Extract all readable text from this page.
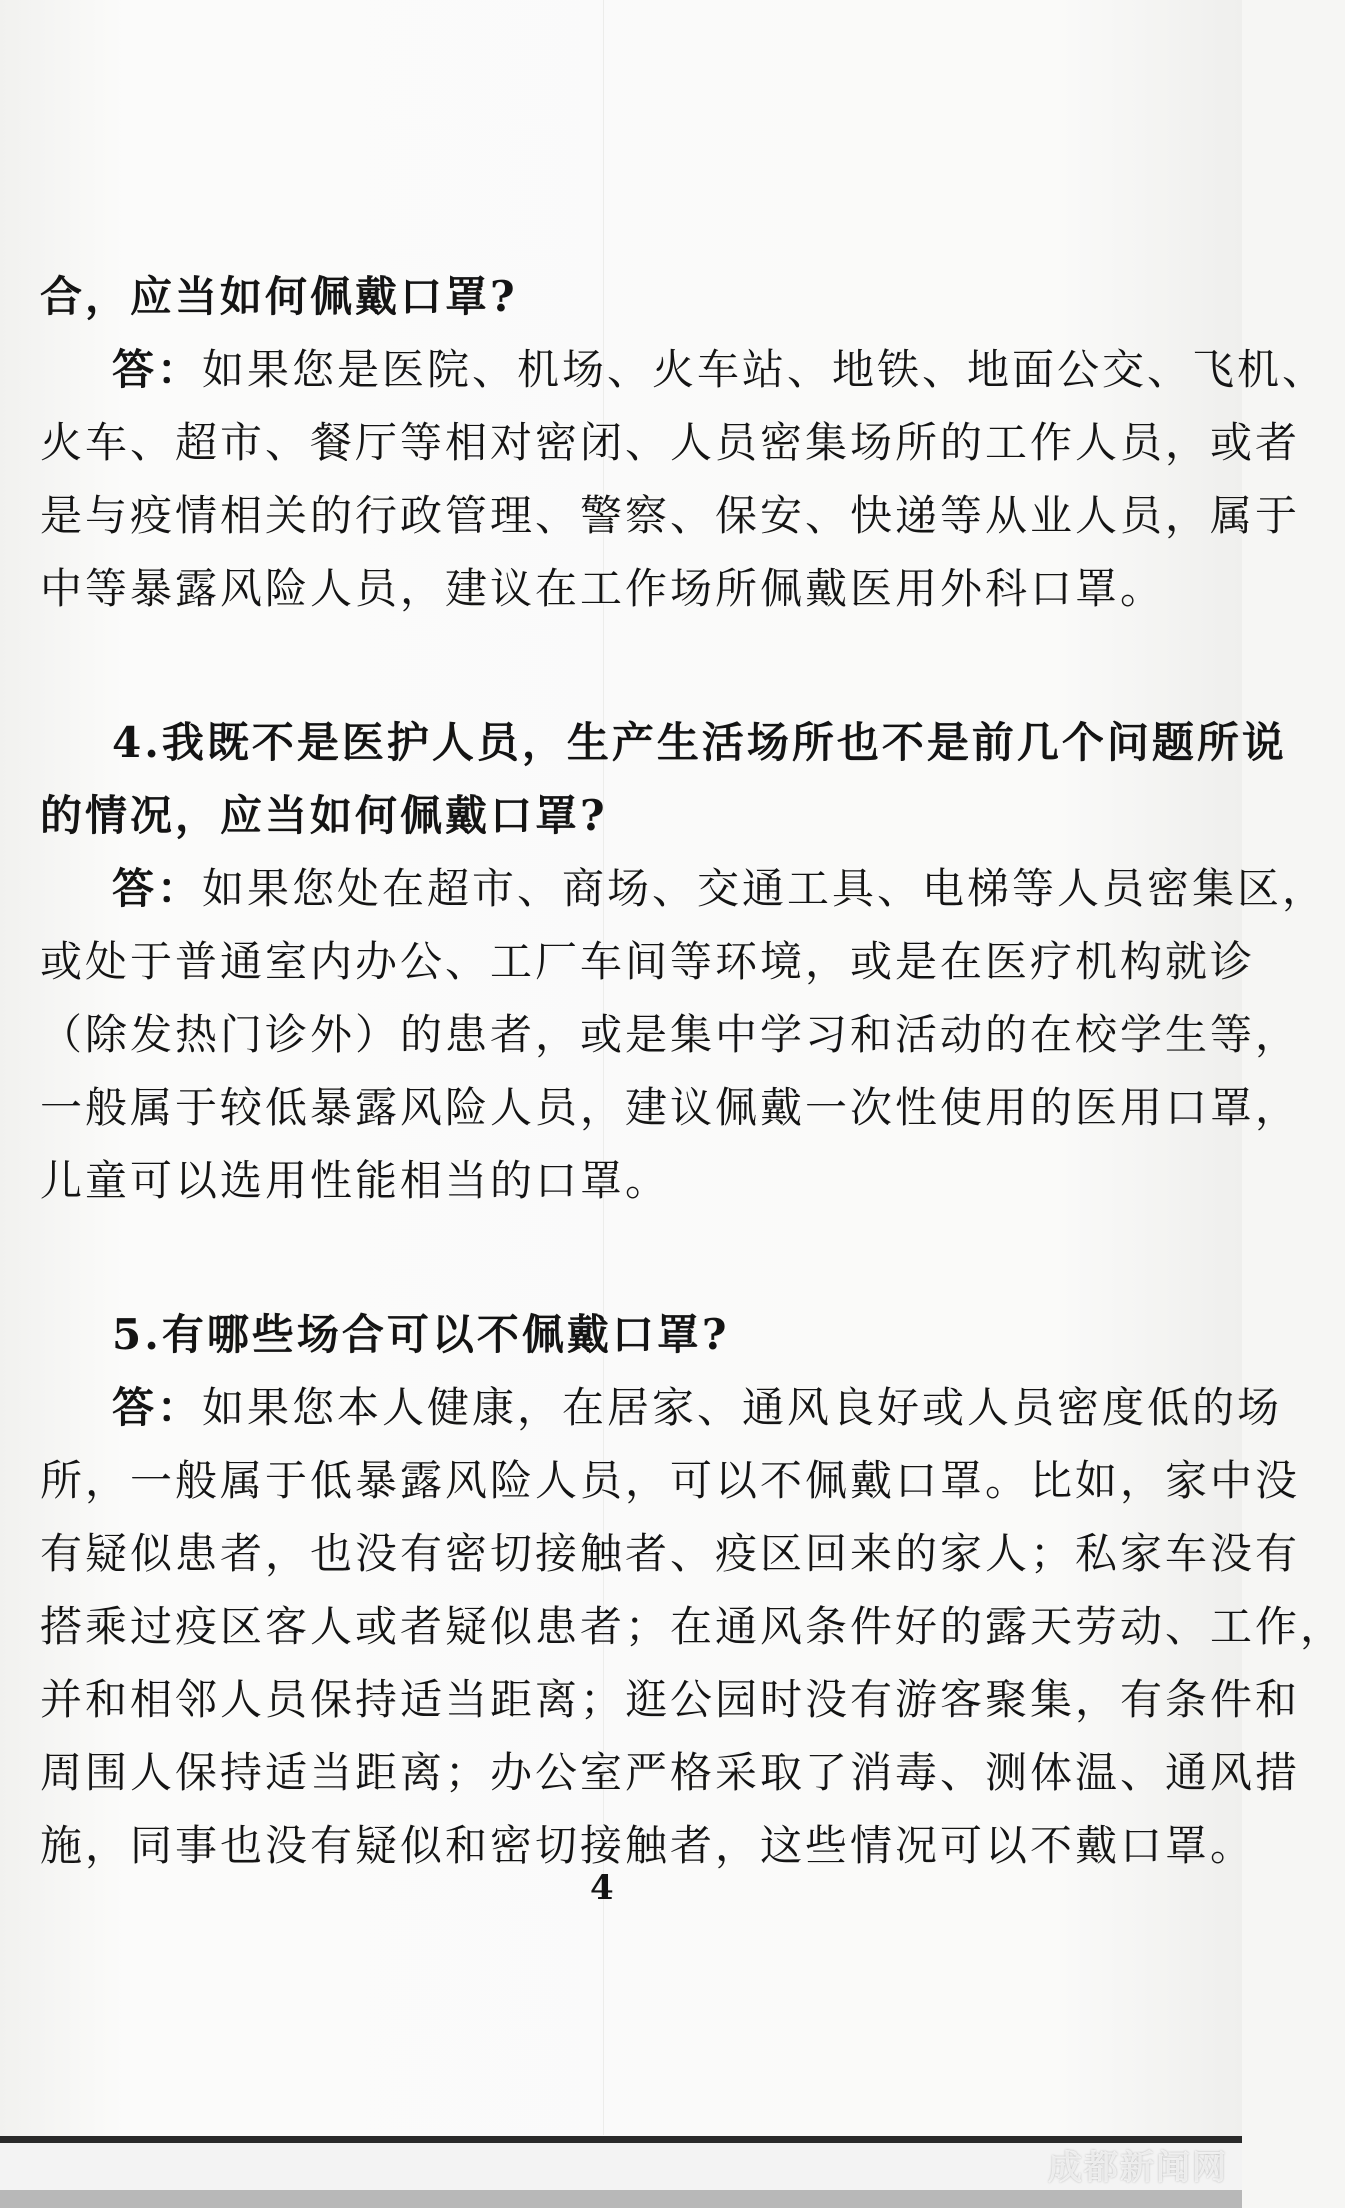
合，应当如何佩戴口罩?
答：如果您是医院、机场、火车站、地铁、地面公交、飞机、
火车、超市、餐厅等相对密闭、人员密集场所的工作人员，或者
是与疫情相关的行政管理、警察、保安、快递等从业人员，属于
中等暴露风险人员，建议在工作场所佩戴医用外科口罩。
4.我既不是医护人员，生产生活场所也不是前几个问题所说
的情况，应当如何佩戴口罩?
答：如果您处在超市、商场、交通工具、电梯等人员密集区，
或处于普通室内办公、工厂车间等环境，或是在医疗机构就诊
（除发热门诊外）的患者，或是集中学习和活动的在校学生等，
一般属于较低暴露风险人员，建议佩戴一次性使用的医用口罩，
儿童可以选用性能相当的口罩。
5.有哪些场合可以不佩戴口罩?
答：如果您本人健康，在居家、通风良好或人员密度低的场
所，一般属于低暴露风险人员，可以不佩戴口罩。比如，家中没
有疑似患者，也没有密切接触者、疫区回来的家人；私家车没有
搭乘过疫区客人或者疑似患者；在通风条件好的露天劳动、工作，
并和相邻人员保持适当距离；逛公园时没有游客聚集，有条件和
周围人保持适当距离；办公室严格采取了消毒、测体温、通风措
施，同事也没有疑似和密切接触者，这些情况可以不戴口罩。
4
成都新闻网
